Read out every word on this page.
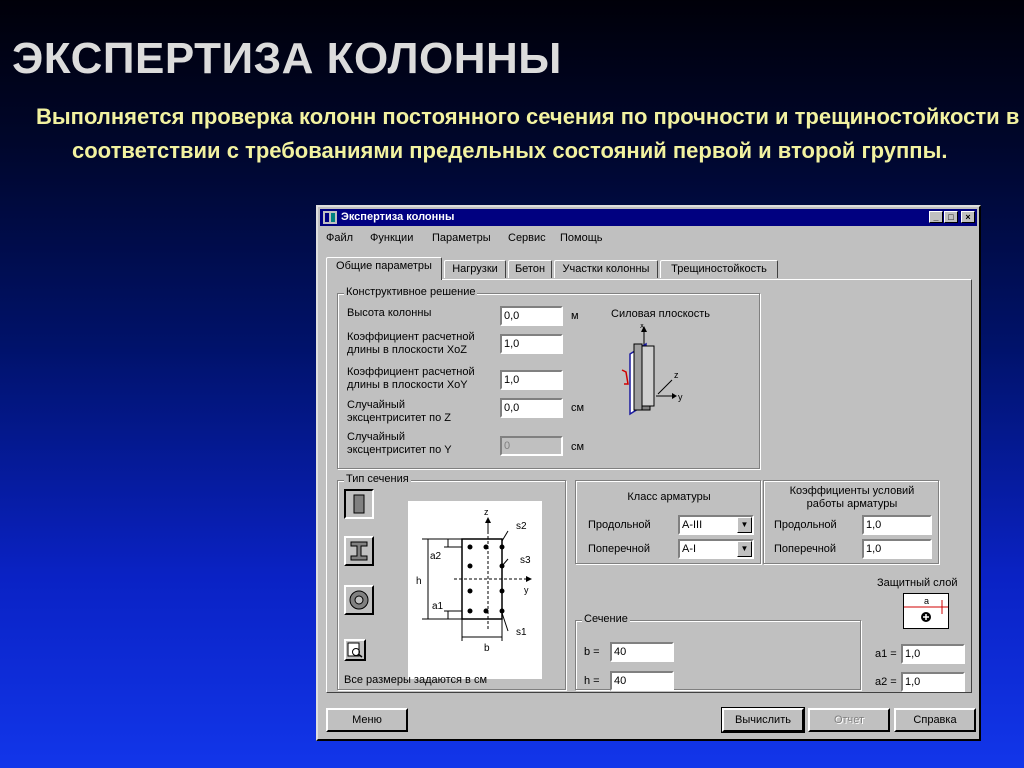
ЭКСПЕРТИЗА КОЛОННЫ
Выполняется проверка колонн постоянного сечения по прочности и трещиностойкости в соответствии с требованиями предельных состояний первой и второй группы.
Экспертиза колонны	_	□	×
Файл Функции Параметры Сервис Помощь
Общие параметры	Нагрузки	Бетон	Участки колонны	Трещиностойкость
Конструктивное решение
Высота колонны	0,0	м
Коэффициент расчетной
длины в плоскости XoZ	1,0
Коэффициент расчетной
длины в плоскости XoY	1,0
Случайный
эксцентриситет по Z
0,0	см
Случайный
эксцентриситет по Y	0	см
Силовая плоскость
x
z
y
Тип сечения
z
y
s2
s3
s1
a2
a1
h
b
Все размеры задаются в см
Класс арматуры
Продольной	A-III	▼
Поперечной	A-I	▼
Коэффициенты условий
работы арматуры
Продольной	1,0
Поперечной	1,0
Сечение
b =	40
h =	40
Защитный слой
a
a1 = 1,0
a2 = 1,0
Меню	Вычислить	Отчет	Справка
